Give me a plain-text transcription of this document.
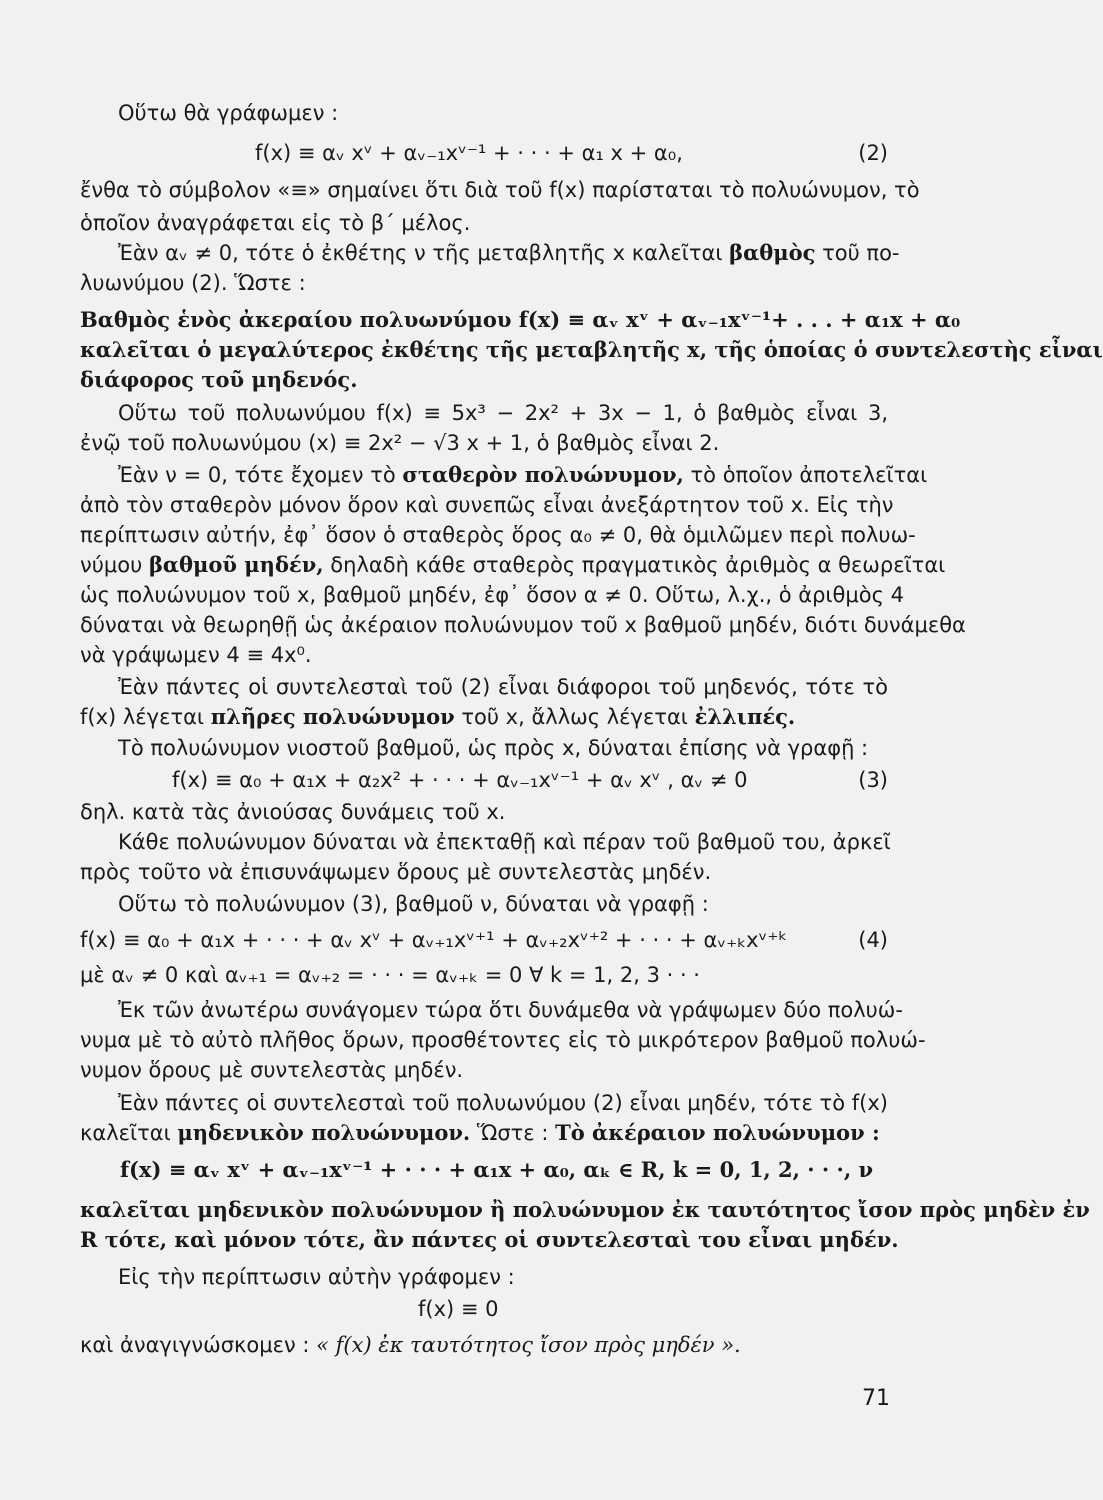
Οὕτω θὰ γράφωμεν :
f(x) ≡ αᵥ xᵛ + αᵥ₋₁xᵛ⁻¹ + · · · + α₁ x + α₀,	(2)
ἔνθα τὸ σύμβολον «≡» σημαίνει ὅτι διὰ τοῦ f(x) παρίσταται τὸ πολυώνυμον, τὸ
ὁποῖον ἀναγράφεται εἰς τὸ β΄ μέλος.
Ἐὰν αᵥ ≠ 0, τότε ὁ ἐκθέτης ν τῆς μεταβλητῆς x καλεῖται βαθμὸς τοῦ πο-
λυωνύμου (2). Ὥστε :
Βαθμὸς ἑνὸς ἀκεραίου πολυωνύμου f(x) ≡ αᵥ xᵛ + αᵥ₋₁xᵛ⁻¹+ . . . + α₁x + α₀
καλεῖται ὁ μεγαλύτερος ἐκθέτης τῆς μεταβλητῆς x, τῆς ὁποίας ὁ συντελεστὴς εἶναι
διάφορος τοῦ μηδενός.
Οὕτω τοῦ πολυωνύμου f(x) ≡ 5x³ − 2x² + 3x − 1, ὁ βαθμὸς εἶναι 3,
ἐνῷ τοῦ πολυωνύμου (x) ≡ 2x² − √3 x + 1, ὁ βαθμὸς εἶναι 2.
Ἐὰν ν = 0, τότε ἔχομεν τὸ σταθερὸν πολυώνυμον, τὸ ὁποῖον ἀποτελεῖται
ἀπὸ τὸν σταθερὸν μόνον ὅρον καὶ συνεπῶς εἶναι ἀνεξάρτητον τοῦ x. Εἰς τὴν
περίπτωσιν αὐτήν, ἐφ᾽ ὅσον ὁ σταθερὸς ὅρος α₀ ≠ 0, θὰ ὁμιλῶμεν περὶ πολυω-
νύμου βαθμοῦ μηδέν, δηλαδὴ κάθε σταθερὸς πραγματικὸς ἀριθμὸς α θεωρεῖται
ὡς πολυώνυμον τοῦ x, βαθμοῦ μηδέν, ἐφ᾽ ὅσον α ≠ 0. Οὕτω, λ.χ., ὁ ἀριθμὸς 4
δύναται νὰ θεωρηθῇ ὡς ἀκέραιον πολυώνυμον τοῦ x βαθμοῦ μηδέν, διότι δυνάμεθα
νὰ γράψωμεν 4 ≡ 4x⁰.
Ἐὰν πάντες οἱ συντελεσταὶ τοῦ (2) εἶναι διάφοροι τοῦ μηδενός, τότε τὸ
f(x) λέγεται πλῆρες πολυώνυμον τοῦ x, ἄλλως λέγεται ἐλλιπές.
Τὸ πολυώνυμον νιοστοῦ βαθμοῦ, ὡς πρὸς x, δύναται ἐπίσης νὰ γραφῇ :
f(x) ≡ α₀ + α₁x + α₂x² + · · · + αᵥ₋₁xᵛ⁻¹ + αᵥ xᵛ , αᵥ ≠ 0	(3)
δηλ. κατὰ τὰς ἀνιούσας δυνάμεις τοῦ x.
Κάθε πολυώνυμον δύναται νὰ ἐπεκταθῇ καὶ πέραν τοῦ βαθμοῦ του, ἀρκεῖ
πρὸς τοῦτο νὰ ἐπισυνάψωμεν ὅρους μὲ συντελεστὰς μηδέν.
Οὕτω τὸ πολυώνυμον (3), βαθμοῦ ν, δύναται νὰ γραφῇ :
f(x) ≡ α₀ + α₁x + · · · + αᵥ xᵛ + αᵥ₊₁xᵛ⁺¹ + αᵥ₊₂xᵛ⁺² + · · · + αᵥ₊ₖxᵛ⁺ᵏ	(4)
μὲ αᵥ ≠ 0 καὶ αᵥ₊₁ = αᵥ₊₂ = · · · = αᵥ₊ₖ = 0 ∀ k = 1, 2, 3 · · ·
Ἐκ τῶν ἀνωτέρω συνάγομεν τώρα ὅτι δυνάμεθα νὰ γράψωμεν δύο πολυώ-
νυμα μὲ τὸ αὐτὸ πλῆθος ὅρων, προσθέτοντες εἰς τὸ μικρότερον βαθμοῦ πολυώ-
νυμον ὅρους μὲ συντελεστὰς μηδέν.
Ἐὰν πάντες οἱ συντελεσταὶ τοῦ πολυωνύμου (2) εἶναι μηδέν, τότε τὸ f(x)
καλεῖται μηδενικὸν πολυώνυμον. Ὥστε : Τὸ ἀκέραιον πολυώνυμον :
f(x) ≡ αᵥ xᵛ + αᵥ₋₁xᵛ⁻¹ + · · · + α₁x + α₀, αₖ ∈ R, k = 0, 1, 2, · · ·, ν
καλεῖται μηδενικὸν πολυώνυμον ἢ πολυώνυμον ἐκ ταυτότητος ἴσον πρὸς μηδὲν ἐν
R τότε, καὶ μόνον τότε, ἂν πάντες οἱ συντελεσταὶ του εἶναι μηδέν.
Εἰς τὴν περίπτωσιν αὐτὴν γράφομεν :
f(x) ≡ 0
καὶ ἀναγιγνώσκομεν : « f(x) ἐκ ταυτότητος ἴσον πρὸς μηδέν ».
71
